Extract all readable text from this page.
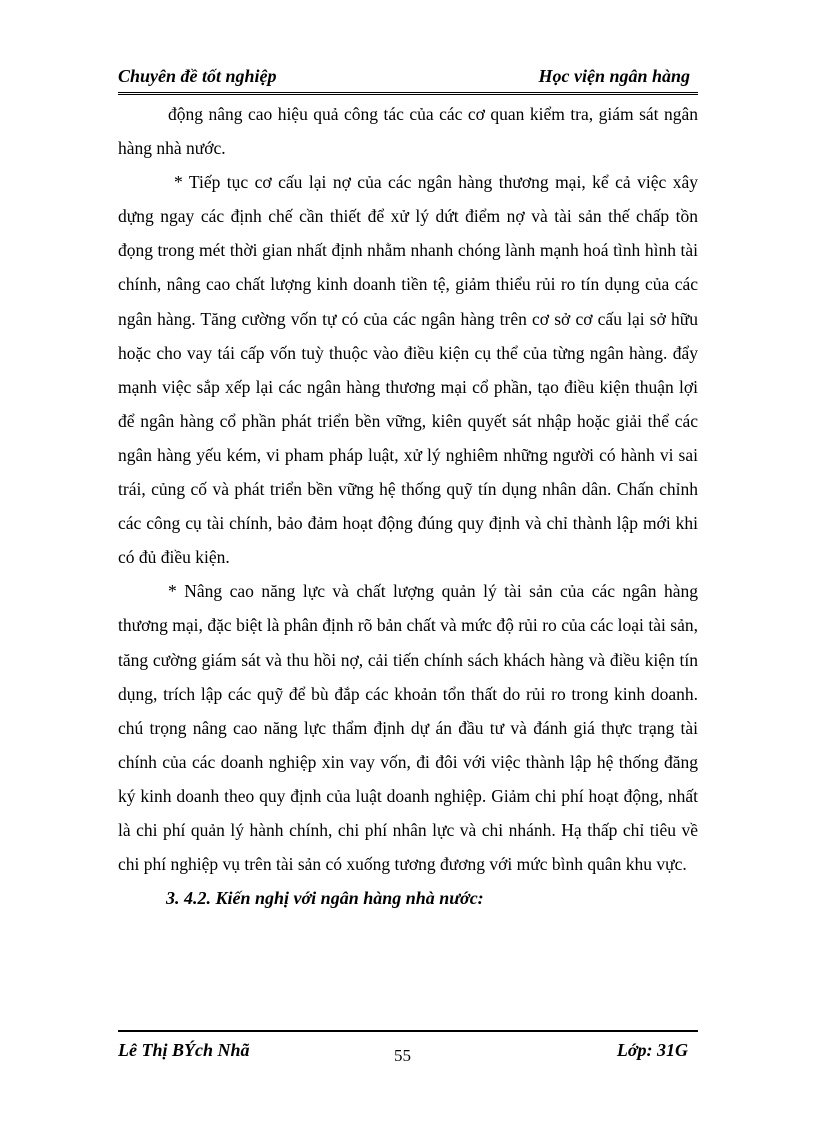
Chuyên đề tốt nghiệp	Học viện ngân hàng

động nâng cao hiệu quả công tác của các cơ quan kiểm tra, giám sát ngân hàng nhà nước.

* Tiếp tục cơ cấu lại nợ của các ngân hàng thương mại, kể cả việc xây dựng ngay các định chế cần thiết để xử lý dứt điểm nợ và tài sản thế chấp tồn đọng trong mét thời gian nhất định nhằm nhanh chóng lành mạnh hoá tình hình tài chính, nâng cao chất lượng kinh doanh tiền tệ, giảm thiểu rủi ro tín dụng của các ngân hàng. Tăng cường vốn tự có của các ngân hàng trên cơ sở cơ cấu lại sở hữu hoặc cho vay tái cấp vốn tuỳ thuộc vào điều kiện cụ thể của từng ngân hàng. đẩy mạnh việc sắp xếp lại các ngân hàng thương mại cổ phần, tạo điều kiện thuận lợi để ngân hàng cổ phần phát triển bền vững, kiên quyết sát nhập hoặc giải thể các ngân hàng yếu kém, vi pham pháp luật, xử lý nghiêm những người có hành vi sai trái, củng cố và phát triển bền vững hệ thống quỹ tín dụng nhân dân. Chấn chỉnh các công cụ tài chính, bảo đảm hoạt động đúng quy định và chỉ thành lập mới khi có đủ điều kiện.

* Nâng cao năng lực và chất lượng quản lý tài sản của các ngân hàng thương mại, đặc biệt là phân định rõ bản chất và mức độ rủi ro của các loại tài sản, tăng cường giám sát và thu hồi nợ, cải tiến chính sách khách hàng và điều kiện tín dụng, trích lập các quỹ để bù đắp các khoản tổn thất do rủi ro trong kinh doanh. chú trọng nâng cao năng lực thẩm định dự án đầu tư và đánh giá thực trạng tài chính của các doanh nghiệp xin vay vốn, đi đôi với việc thành lập hệ thống đăng ký kinh doanh theo quy định của luật doanh nghiệp. Giảm chi phí hoạt động, nhất là chi phí quản lý hành chính, chi phí nhân lực và chi nhánh. Hạ thấp chỉ tiêu về chi phí nghiệp vụ trên tài sản có xuống tương đương với mức bình quân khu vực.

3. 4.2. Kiến nghị với ngân hàng nhà nước:
Lê Thị BÝch Nhã	55	Lớp: 31G
